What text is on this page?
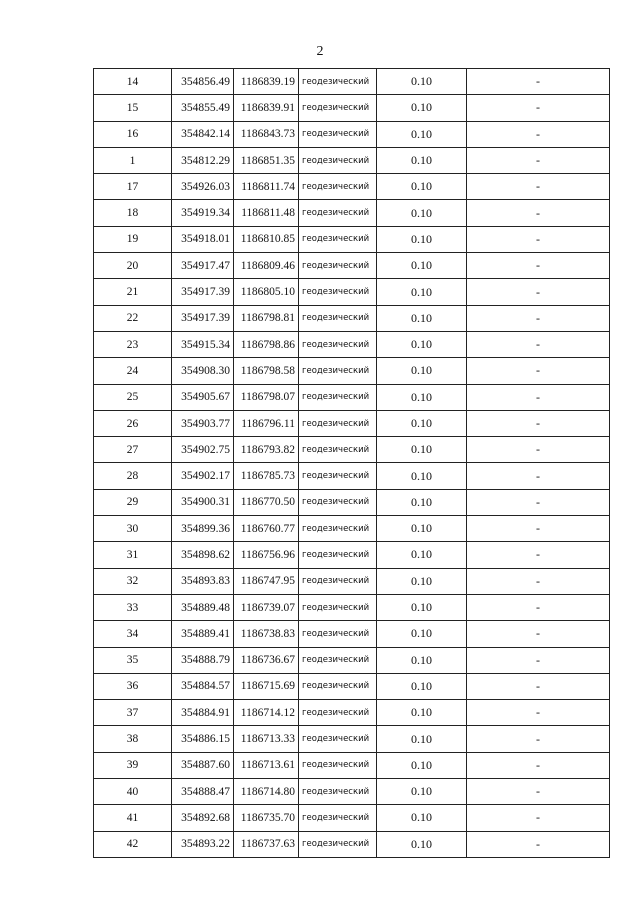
2
14	354856.49	1186839.19	геодезический	0.10	-
15	354855.49	1186839.91	геодезический	0.10	-
16	354842.14	1186843.73	геодезический	0.10	-
1	354812.29	1186851.35	геодезический	0.10	-
17	354926.03	1186811.74	геодезический	0.10	-
18	354919.34	1186811.48	геодезический	0.10	-
19	354918.01	1186810.85	геодезический	0.10	-
20	354917.47	1186809.46	геодезический	0.10	-
21	354917.39	1186805.10	геодезический	0.10	-
22	354917.39	1186798.81	геодезический	0.10	-
23	354915.34	1186798.86	геодезический	0.10	-
24	354908.30	1186798.58	геодезический	0.10	-
25	354905.67	1186798.07	геодезический	0.10	-
26	354903.77	1186796.11	геодезический	0.10	-
27	354902.75	1186793.82	геодезический	0.10	-
28	354902.17	1186785.73	геодезический	0.10	-
29	354900.31	1186770.50	геодезический	0.10	-
30	354899.36	1186760.77	геодезический	0.10	-
31	354898.62	1186756.96	геодезический	0.10	-
32	354893.83	1186747.95	геодезический	0.10	-
33	354889.48	1186739.07	геодезический	0.10	-
34	354889.41	1186738.83	геодезический	0.10	-
35	354888.79	1186736.67	геодезический	0.10	-
36	354884.57	1186715.69	геодезический	0.10	-
37	354884.91	1186714.12	геодезический	0.10	-
38	354886.15	1186713.33	геодезический	0.10	-
39	354887.60	1186713.61	геодезический	0.10	-
40	354888.47	1186714.80	геодезический	0.10	-
41	354892.68	1186735.70	геодезический	0.10	-
42	354893.22	1186737.63	геодезический	0.10	-
